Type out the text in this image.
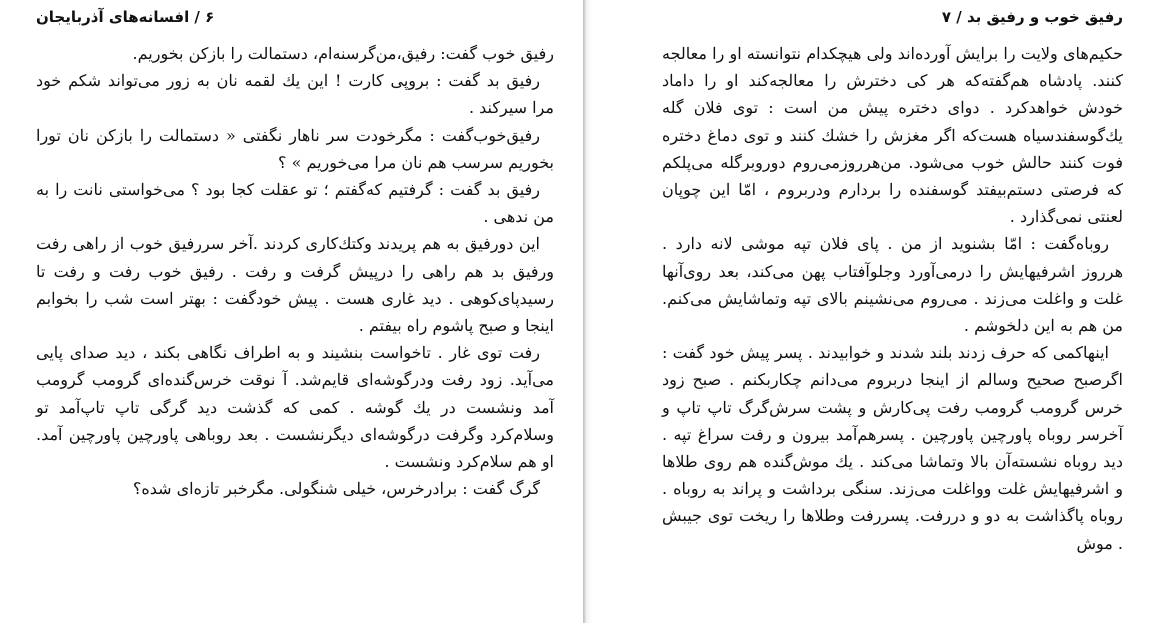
۶ / افسانه‌های آذربایجان

رفیق خوب گفت: رفیق،من‌گرسنه‌ام، دستمالت را بازکن بخوریم.

رفیق بد گفت : بروپی کارت ! این یك لقمه نان به زور می‌تواند شکم خود مرا سیرکند .

رفیق‌خوب‌گفت : مگرخودت سر ناهار نگفتی « دستمالت را بازکن نان تورا بخوریم سرسب هم نان مرا می‌خوریم » ؟

رفیق بد گفت : گرفتیم که‌گفتم ؛ تو عقلت کجا بود ؟ می‌خواستی نانت را به من ندهی .

این دورفیق به هم پریدند وکتك‌کاری کردند .آخر سررفیق خوب از راهی رفت ورفیق بد هم راهی را درپیش گرفت و رفت . رفیق خوب رفت و رفت تا رسیدپای‌کوهی . دید غاری هست . پیش خودگفت : بهتر است شب را بخوابم اینجا و صبح پاشوم راه بیفتم .

رفت توی غار . تاخواست بنشیند و به اطراف نگاهی بکند ، دید صدای پایی می‌آید. زود رفت ودرگوشه‌ای قایم‌شد. آ نوقت خرس‌گنده‌ای گرومب گرومب آمد ونشست در یك گوشه . کمی که گذشت دید گرگی تاپ تاپ‌آمد تو وسلام‌کرد وگرفت درگوشه‌ای دیگرنشست . بعد روباهی پاورچین پاورچین آمد. او هم سلام‌کرد ونشست .

گرگ گفت : برادرخرس، خیلی شنگولی. مگرخبر تازه‌ای شده؟

رفیق خوب و رفیق بد / ۷

حکیم‌های ولایت را برایش آورده‌اند ولی هیچکدام نتوانسته او را معالجه کنند. پادشاه هم‌گفته‌که هر کی دخترش را معالجه‌کند او را داماد خودش خواهدکرد . دوای دختره پیش من است : توی فلان گله یك‌گوسفندسیاه هست‌که اگر مغزش را خشك کنند و توی دماغ دختره فوت کنند حالش خوب می‌شود. من‌هرروزمی‌روم دوروبرگله می‌پلکم که فرصتی دستم‌بیفتد گوسفنده را بردارم ودربروم ، امّا این چوپان لعنتی نمی‌گذارد .

روباه‌گفت : امّا بشنوید از من . پای فلان تپه موشی لانه دارد . هرروز اشرفیهایش را درمی‌آورد وجلوآفتاب پهن می‌کند، بعد روی‌آنها غلت و واغلت می‌زند . می‌روم می‌نشینم بالای تپه وتماشایش می‌کنم. من هم به این دلخوشم .

اینهاکمی که حرف زدند بلند شدند و خوابیدند . پسر پیش خود گفت : اگرصبح صحیح وسالم از اینجا دربروم می‌دانم چکاربکنم . صبح زود خرس گرومب گرومب رفت پی‌کارش و پشت سرش‌گرگ تاپ تاپ و آخرسر روباه پاورچین پاورچین . پسرهم‌آمد بیرون و رفت سراغ تپه . دید روباه نشسته‌آن بالا وتماشا می‌کند . یك موش‌گنده هم روی طلاها و اشرفیهایش غلت وواغلت می‌زند. سنگی برداشت و پراند به روباه . روباه پاگذاشت به دو و دررفت. پسررفت وطلاها را ریخت توی جیبش . موش
